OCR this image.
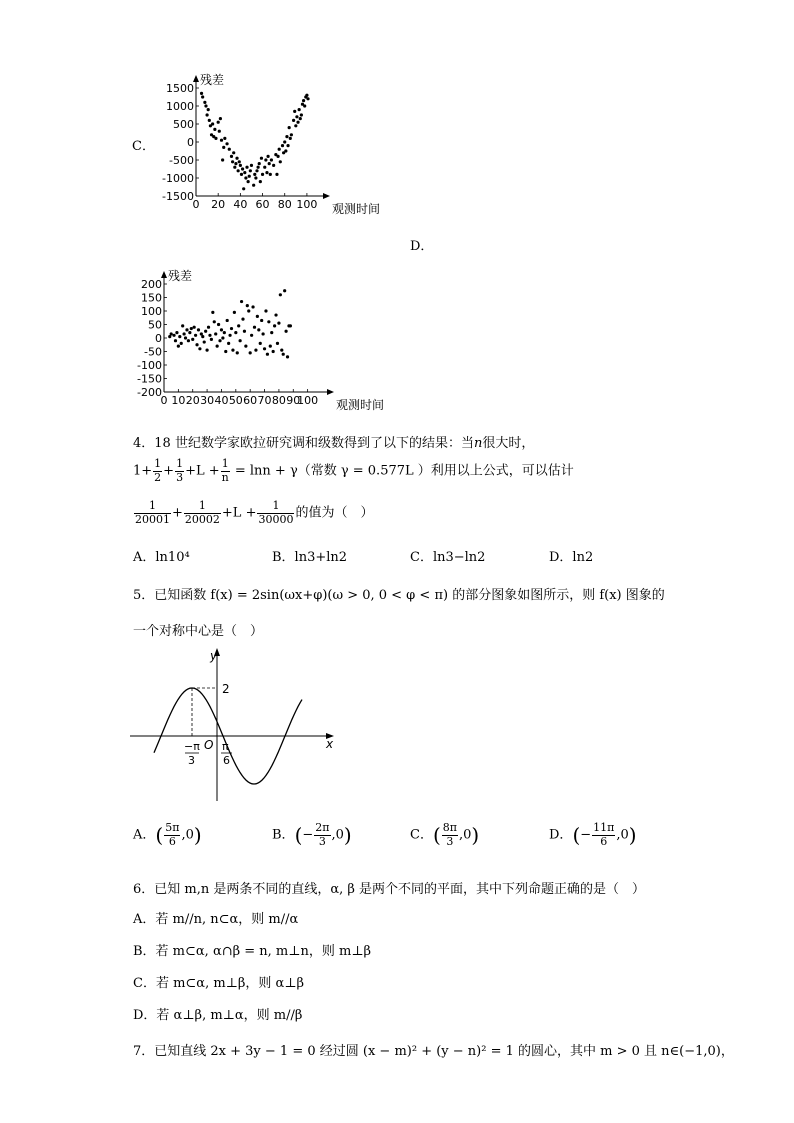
C．
1500
1000
500
0
-500
-1000
-1500
0 20 40 60 80 100
残差
观测时间
D．
200
150
100
50
0
-50
-100
-150
-200
0 10 20 30 40 50 60 70 80 90
100
残差
观测时间
4．18 世纪数学家欧拉研究调和级数得到了以下的结果：当n很大时，
$1+ \frac{1}{2} + \frac{1}{3} +L + \frac{1}{n} = \ln n + \gamma$（常数 γ = 0.577L ）利用以上公式，可以估计
$\frac{1}{20001} + \frac{1}{20002} +L + \frac{1}{30000}$ 的值为（　）
A．ln10⁴	B．ln3+ln2	C．ln3−ln2	D．ln2
5．已知函数 f(x) = 2sin(ωx+φ)(ω > 0, 0 < φ < π) 的部分图象如图所示，则 f(x) 图象的
一个对称中心是（　）
y
x
O
2
−π
3
π
6
A．( $\frac{5\pi}{6} ,0$)	B．(− $\frac{2\pi}{3} ,0$)	C．( $\frac{8\pi}{3} ,0$)	D．(− $\frac{11\pi}{6} ,0$)
6．已知 m,n 是两条不同的直线，α, β 是两个不同的平面，其中下列命题正确的是（　）
A．若 m//n, n⊂α，则 m//α
B．若 m⊂α, α∩β = n, m⊥n，则 m⊥β
C．若 m⊂α, m⊥β，则 α⊥β
D．若 α⊥β, m⊥α，则 m//β
7．已知直线 2x + 3y − 1 = 0 经过圆 (x − m)² + (y − n)² = 1 的圆心，其中 m > 0 且 n∈(−1,0)，
